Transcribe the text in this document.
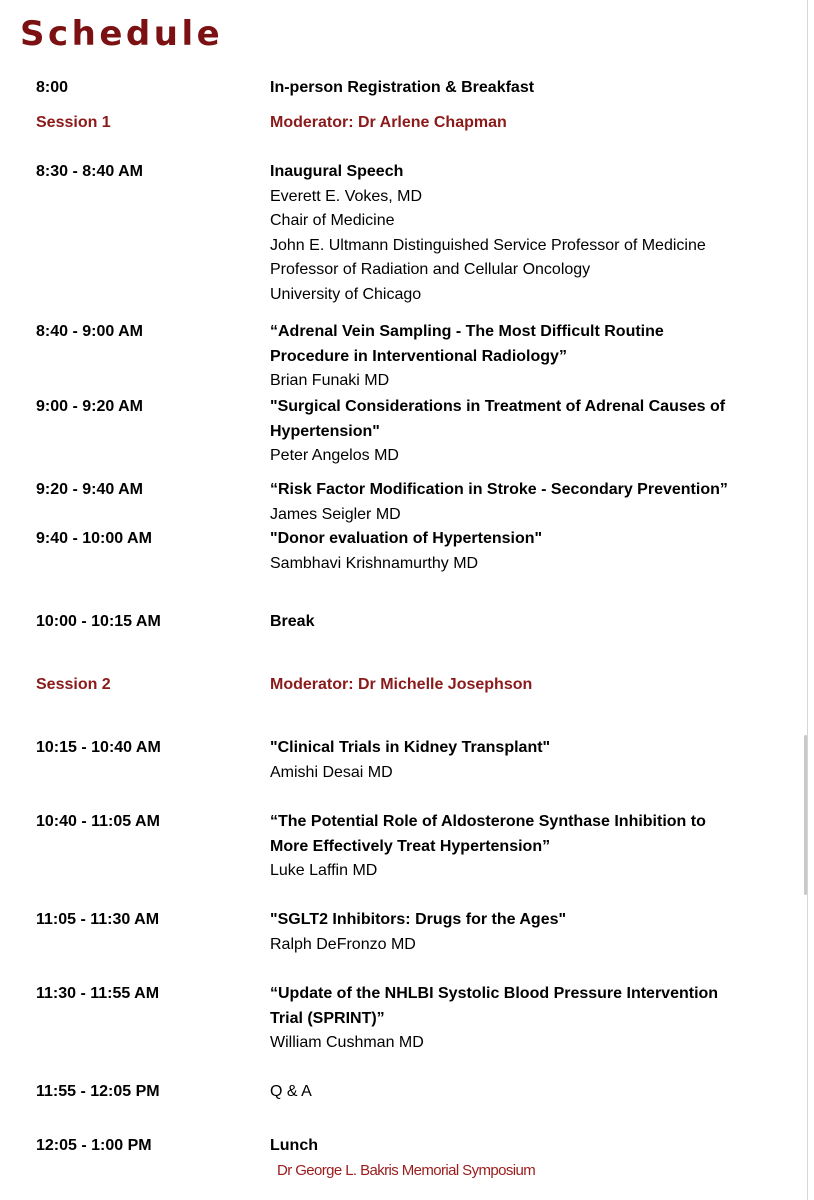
Schedule
8:00	In-person Registration & Breakfast
Session 1	Moderator: Dr Arlene Chapman
8:30 - 8:40 AM	Inaugural Speech
Everett E. Vokes, MD
Chair of Medicine
John E. Ultmann Distinguished Service Professor of Medicine
Professor of Radiation and Cellular Oncology
University of Chicago
8:40 - 9:00 AM	“Adrenal Vein Sampling - The Most Difficult Routine
Procedure in Interventional Radiology”
Brian Funaki MD
9:00 - 9:20 AM	"Surgical Considerations in Treatment of Adrenal Causes of
Hypertension"
Peter Angelos MD
9:20 - 9:40 AM	“Risk Factor Modification in Stroke - Secondary Prevention”
James Seigler MD
9:40 - 10:00 AM	"Donor evaluation of Hypertension"
Sambhavi Krishnamurthy MD
10:00 - 10:15 AM	Break
Session 2	Moderator: Dr Michelle Josephson
10:15 - 10:40 AM	"Clinical Trials in Kidney Transplant"
Amishi Desai MD
10:40 - 11:05 AM	“The Potential Role of Aldosterone Synthase Inhibition to
More Effectively Treat Hypertension”
Luke Laffin MD
11:05 - 11:30 AM	"SGLT2 Inhibitors: Drugs for the Ages"
Ralph DeFronzo MD
11:30 - 11:55 AM	“Update of the NHLBI Systolic Blood Pressure Intervention
Trial (SPRINT)”
William Cushman MD
11:55 - 12:05 PM	Q & A
12:05 - 1:00 PM	Lunch
Dr George L. Bakris Memorial Symposium
